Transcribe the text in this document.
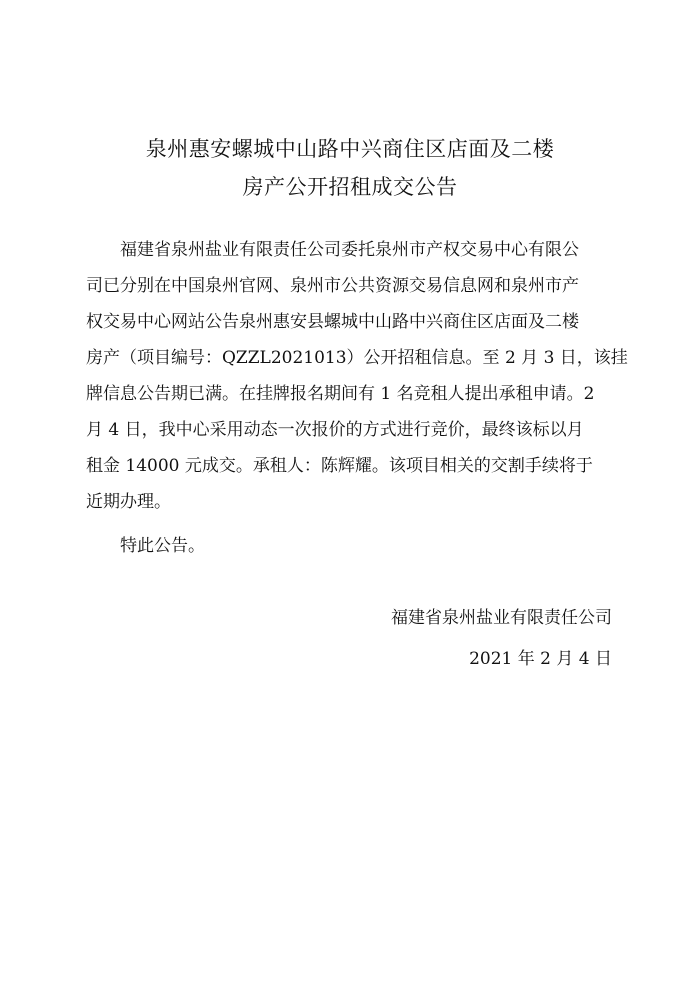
泉州惠安螺城中山路中兴商住区店面及二楼
房产公开招租成交公告
福建省泉州盐业有限责任公司委托泉州市产权交易中心有限公
司已分别在中国泉州官网、泉州市公共资源交易信息网和泉州市产
权交易中心网站公告泉州惠安县螺城中山路中兴商住区店面及二楼
房产（项目编号：QZZL2021013）公开招租信息。至 2 月 3 日，该挂
牌信息公告期已满。在挂牌报名期间有 1 名竞租人提出承租申请。2
月 4 日，我中心采用动态一次报价的方式进行竞价，最终该标以月
租金 14000 元成交。承租人：陈辉耀。该项目相关的交割手续将于
近期办理。
特此公告。
福建省泉州盐业有限责任公司
2021 年 2 月 4 日
